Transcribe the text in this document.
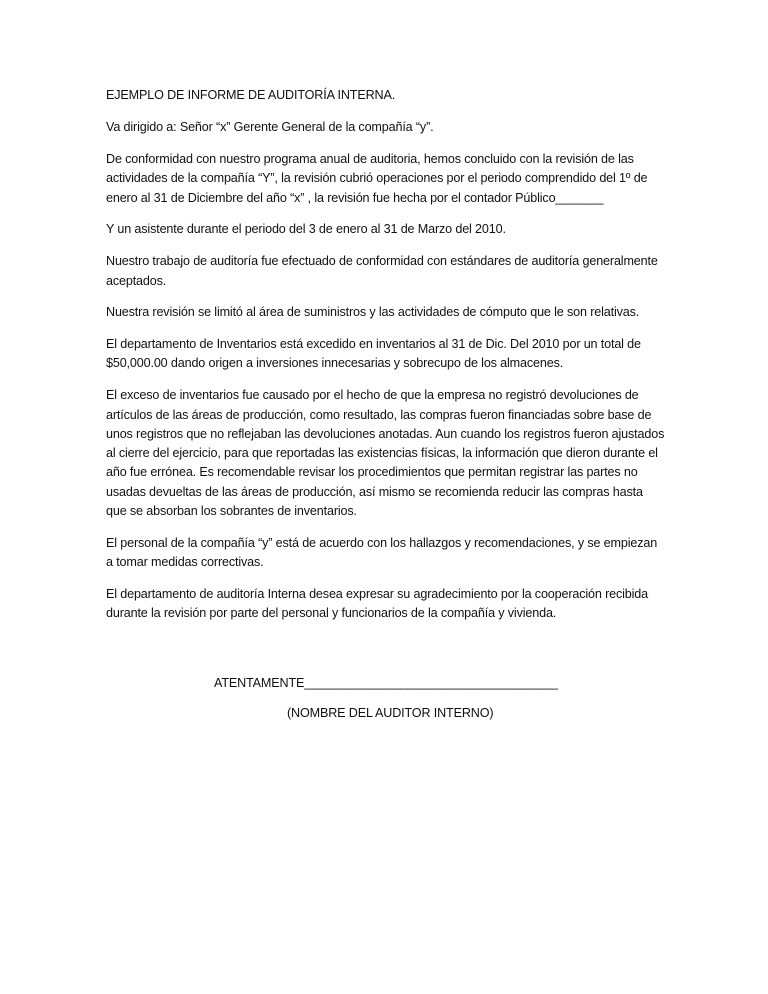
EJEMPLO DE INFORME DE AUDITORÍA INTERNA.

Va dirigido a: Señor “x” Gerente General de la compañía “y”.

De conformidad con nuestro programa anual de auditoria, hemos concluido con la revisión de las actividades de la compañía “Y”, la revisión cubrió operaciones por el periodo comprendido del 1º de enero al 31 de Diciembre del año “x” , la revisión fue hecha por el contador Público_______

Y un asistente durante el periodo del 3 de enero al 31 de Marzo del 2010.

Nuestro trabajo de auditoría fue efectuado de conformidad con estándares de auditoría generalmente aceptados.

Nuestra revisión se limitó al área de suministros y las actividades de cómputo que le son relativas.

El departamento de Inventarios está excedido en inventarios al 31 de Dic. Del 2010 por un total de $50,000.00 dando origen a inversiones innecesarias y sobrecupo de los almacenes.

El exceso de inventarios fue causado por el hecho de que la empresa no registró devoluciones de artículos de las áreas de producción, como resultado, las compras fueron financiadas sobre base de unos registros que no reflejaban las devoluciones anotadas. Aun cuando los registros fueron ajustados al cierre del ejercicio, para que reportadas las existencias físicas, la información que dieron durante el año fue errónea. Es recomendable revisar los procedimientos que permitan registrar las partes no usadas devueltas de las áreas de producción, así mismo se recomienda reducir las compras hasta que se absorban los sobrantes de inventarios.

El personal de la compañía “y” está de acuerdo con los hallazgos y recomendaciones, y se empiezan a tomar medidas correctivas.

El departamento de auditoría Interna desea expresar su agradecimiento por la cooperación recibida durante la revisión por parte del personal y funcionarios de la compañía y vivienda.

ATENTAMENTE_____________________________________
(NOMBRE DEL AUDITOR INTERNO)
